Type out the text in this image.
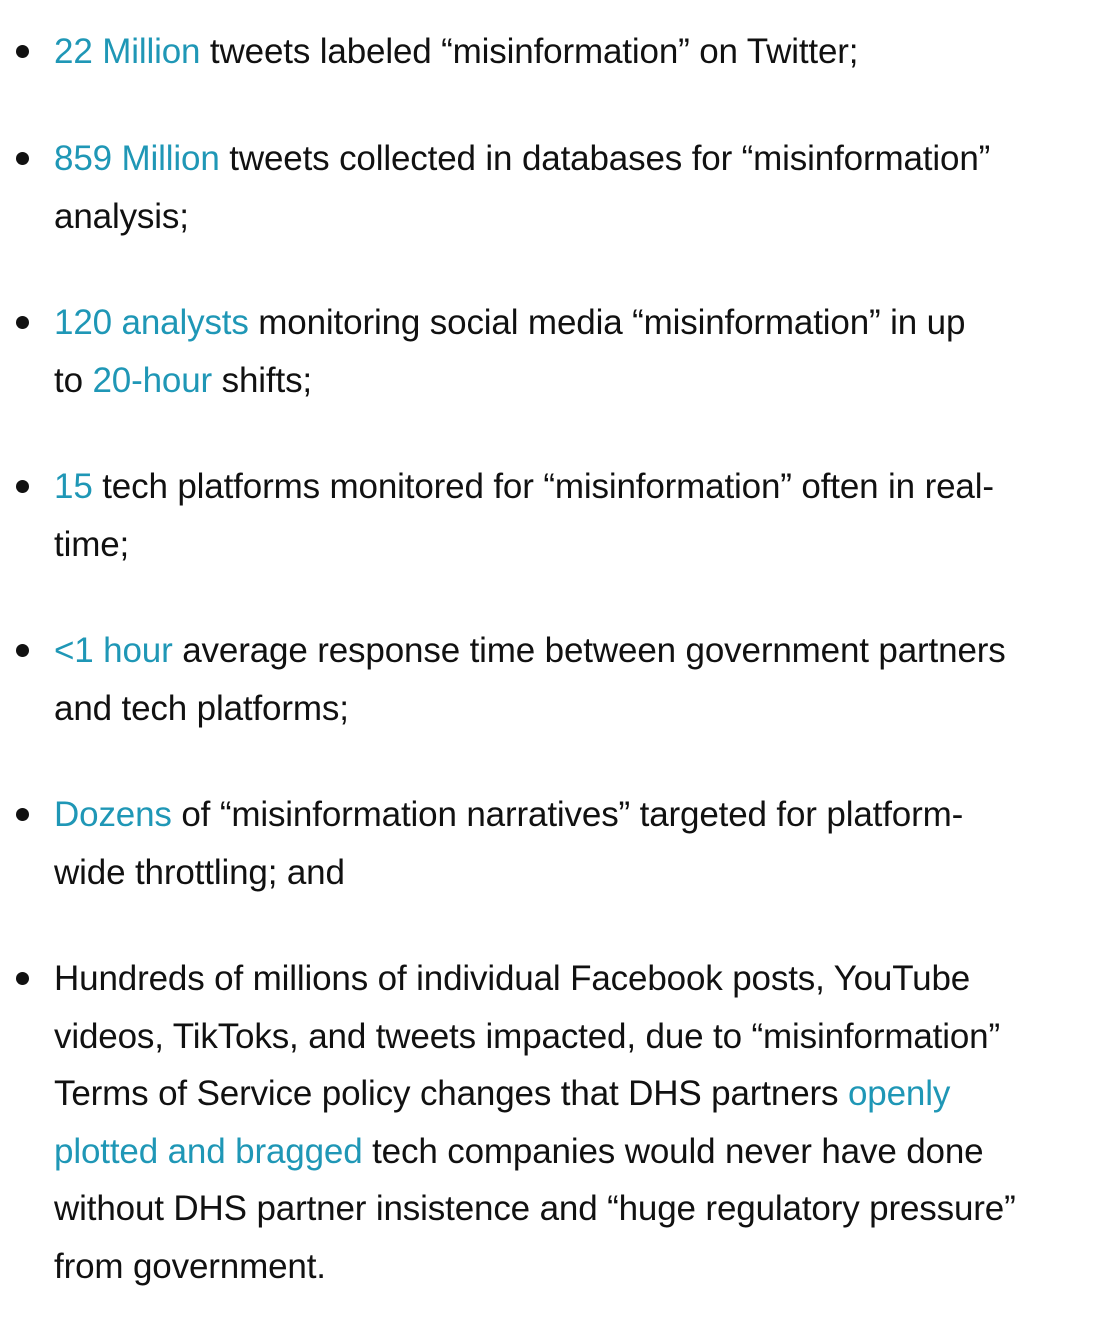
22 Million tweets labeled “misinformation” on Twitter;
859 Million tweets collected in databases for “misinformation”
analysis;
120 analysts monitoring social media “misinformation” in up
to 20-hour shifts;
15 tech platforms monitored for “misinformation” often in real-
time;
<1 hour average response time between government partners
and tech platforms;
Dozens of “misinformation narratives” targeted for platform-
wide throttling; and
Hundreds of millions of individual Facebook posts, YouTube
videos, TikToks, and tweets impacted, due to “misinformation”
Terms of Service policy changes that DHS partners openly
plotted and bragged tech companies would never have done
without DHS partner insistence and “huge regulatory pressure”
from government.
